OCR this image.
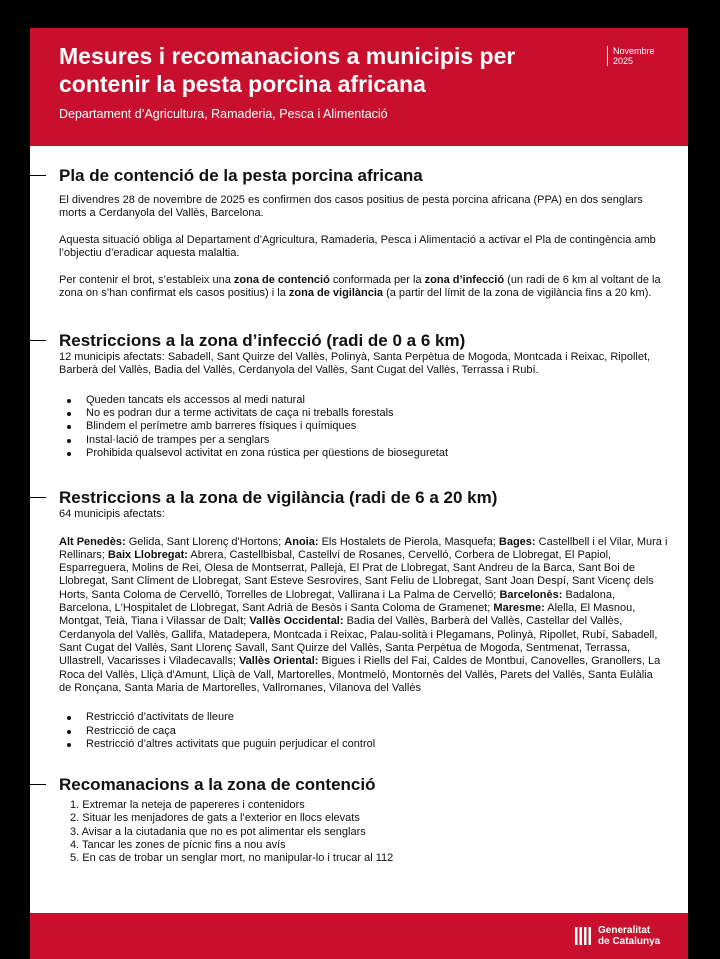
Mesures i recomanacions a municipis per contenir la pesta porcina africana
Departament d’Agricultura, Ramaderia, Pesca i Alimentació
Novembre 2025
Pla de contenció de la pesta porcina africana

El divendres 28 de novembre de 2025 es confirmen dos casos positius de pesta porcina africana (PPA) en dos senglars morts a Cerdanyola del Vallès, Barcelona.

Aquesta situació obliga al Departament d’Agricultura, Ramaderia, Pesca i Alimentació a activar el Pla de contingència amb l’objectiu d’eradicar aquesta malaltia.

Per contenir el brot, s’estableix una zona de contenció conformada per la zona d’infecció (un radi de 6 km al voltant de la zona on s’han confirmat els casos positius) i la zona de vigilància (a partir del límit de la zona de vigilància fins a 20 km).

Restriccions a la zona d’infecció (radi de 0 a 6 km)

12 municipis afectats: Sabadell, Sant Quirze del Vallès, Polinyà, Santa Perpètua de Mogoda, Montcada i Reixac, Ripollet, Barberà del Vallès, Badia del Vallès, Cerdanyola del Vallès, Sant Cugat del Vallès, Terrassa i Rubí.

Queden tancats els accessos al medi natural
No es podran dur a terme activitats de caça ni treballs forestals
Blindem el perímetre amb barreres físiques i químiques
Instal·lació de trampes per a senglars
Prohibida qualsevol activitat en zona rústica per qüestions de bioseguretat
Restriccions a la zona de vigilància (radi de 6 a 20 km)

64 municipis afectats:

Alt Penedès: Gelida, Sant Llorenç d'Hortons; Anoia: Els Hostalets de Pierola, Masquefa; Bages: Castellbell i el Vilar, Mura i Rellinars; Baix Llobregat: Abrera, Castellbisbal, Castellví de Rosanes, Cervelló, Corbera de Llobregat, El Papiol, Esparreguera, Molins de Rei, Olesa de Montserrat, Pallejà, El Prat de Llobregat, Sant Andreu de la Barca, Sant Boi de Llobregat, Sant Climent de Llobregat, Sant Esteve Sesrovires, Sant Feliu de Llobregat, Sant Joan Despí, Sant Vicenç dels Horts, Santa Coloma de Cervelló, Torrelles de Llobregat, Vallirana i La Palma de Cervelló; Barcelonès: Badalona, Barcelona, L'Hospitalet de Llobregat, Sant Adrià de Besòs i Santa Coloma de Gramenet; Maresme: Alella, El Masnou, Montgat, Teià, Tiana i Vilassar de Dalt; Vallès Occidental: Badia del Vallès, Barberà del Vallès, Castellar del Vallès, Cerdanyola del Vallès, Gallifa, Matadepera, Montcada i Reixac, Palau-solità i Plegamans, Polinyà, Ripollet, Rubí, Sabadell, Sant Cugat del Vallès, Sant Llorenç Savall, Sant Quirze del Vallès, Santa Perpètua de Mogoda, Sentmenat, Terrassa, Ullastrell, Vacarisses i Viladecavalls; Vallès Oriental: Bigues i Riells del Fai, Caldes de Montbui, Canovelles, Granollers, La Roca del Vallès, Lliçà d'Amunt, Lliçà de Vall, Martorelles, Montmeló, Montornès del Vallès, Parets del Vallès, Santa Eulàlia de Ronçana, Santa Maria de Martorelles, Vallromanes, Vilanova del Vallès
Restricció d’activitats de lleure
Restricció de caça
Restricció d’altres activitats que puguin perjudicar el control
Recomanacions a la zona de contenció
1. Extremar la neteja de papereres i contenidors
2. Situar les menjadores de gats a l’exterior en llocs elevats
3. Avisar a la ciutadania que no es pot alimentar els senglars
4. Tancar les zones de pícnic fins a nou avís
5. En cas de trobar un senglar mort, no manipular-lo i trucar al 112
Generalitat
de Catalunya
